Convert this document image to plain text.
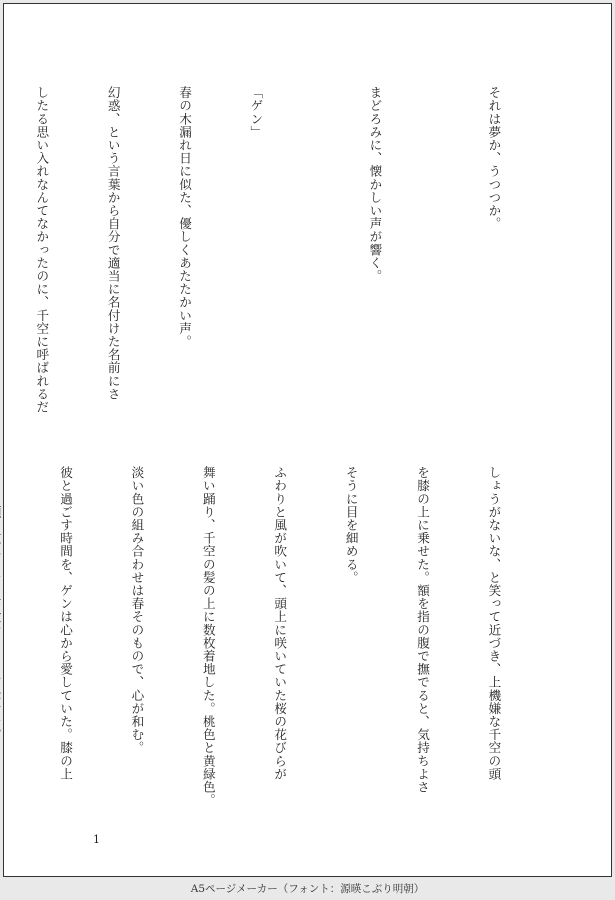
それは夢か、うつつか。

まどろみに、懐かしい声が響く。

「ゲン」

春の木漏れ日に似た、優しくあたたかい声。

幻惑、という言葉から自分で適当に名付けた名前にさ

したる思い入れなんてなかったのに、千空に呼ばれるだ

しょうがないな、と笑って近づき、上機嫌な千空の頭

を膝の上に乗せた。額を指の腹で撫でると、気持ちよさ

そうに目を細める。

ふわりと風が吹いて、頭上に咲いていた桜の花びらが

舞い踊り、千空の髪の上に数枚着地した。桃色と黄緑色。

淡い色の組み合わせは春そのもので、心が和む。

彼と過ごす時間を、ゲンは心から愛していた。膝の上

1
A5ページメーカー（フォント：源暎こぶり明朝）
